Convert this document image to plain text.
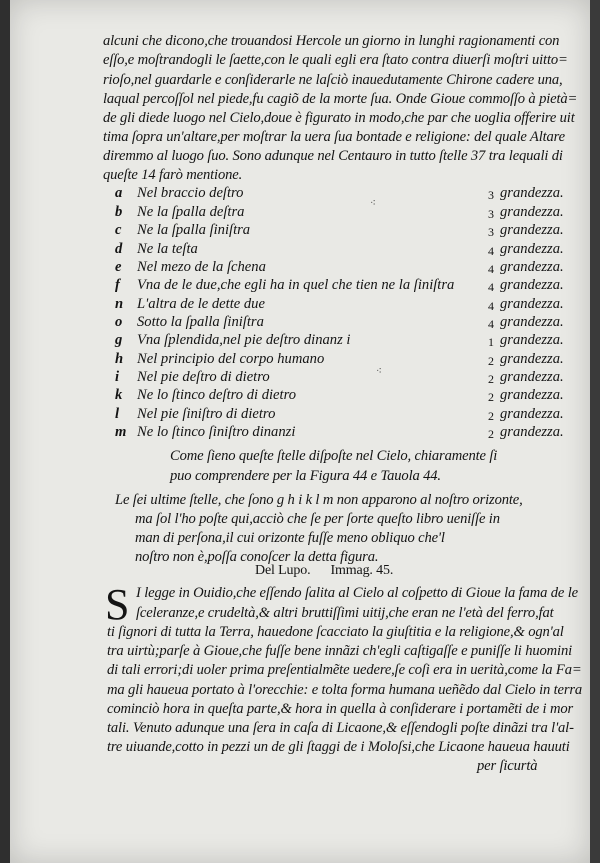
alcuni che dicono,che trouandosi Hercole un giorno in lunghi ragionamenti con
eſſo,e moſtrandogli le ſaette,con le quali egli era ſtato contra diuerſi moſtri uitto=
rioſo,nel guardarle e conſiderarle ne laſciò inauedutamente Chirone cadere una,
laqual percoſſol nel piede,fu cagiõ de la morte ſua. Onde Gioue commoſſo à pietà=
de gli diede luogo nel Cielo,doue è figurato in modo,che par che uoglia offerire uit
tima ſopra un'altare,per moſtrar la uera ſua bontade e religione: del quale Altare
diremmo al luogo ſuo. Sono adunque nel Centauro in tutto ſtelle 37 tra lequali di
queſte 14 farò mentione.
a Nel braccio deſtro	3 grandezza.
b Ne la ſpalla deſtra	3 grandezza.
c Ne la ſpalla ſiniſtra	3 grandezza.
d Ne la teſta	4 grandezza.
e Nel mezo de la ſchena	4 grandezza.
f Vna de le due,che egli ha in quel che tien ne la ſiniſtra	4 grandezza.
n L'altra de le dette due	4 grandezza.
o Sotto la ſpalla ſiniſtra	4 grandezza.
g Vna ſplendida,nel pie deſtro dinanz i	1 grandezza.
h Nel principio del corpo humano	2 grandezza.
i Nel pie deſtro di dietro	2 grandezza.
k Ne lo ſtinco deſtro di dietro	2 grandezza.
l Nel pie ſiniſtro di dietro	2 grandezza.
m Ne lo ſtinco ſiniſtro dinanzi	2 grandezza.
⁖
⁖
Come ſieno queſte ſtelle diſpoſte nel Cielo, chiaramente ſi
puo comprendere per la Figura 44 e Tauola 44.
Le ſei ultime ſtelle, che ſono g h i k l m non apparono al noſtro orizonte,
ma ſol l'ho poſte qui,acciò che ſe per ſorte queſto libro ueniſſe in
man di perſona,il cui orizonte fuſſe meno obliquo che'l
noſtro non è,poſſa conoſcer la detta figura.
Del Lupo.      Immag. 45.
S I legge in Ouidio,che eſſendo ſalita al Cielo al coſpetto di Gioue la fama de le
ſceleranze,e crudeltà,& altri bruttiſſimi uitij,che eran ne l'età del ferro,fat
ti ſignori di tutta la Terra, hauedone ſcacciato la giuſtitia e la religione,& ogn'al
tra uirtù;parſe à Gioue,che fuſſe bene innãzi ch'egli caſtigaſſe e puniſſe li huomini
di tali errori;di uoler prima preſentialmẽte uedere,ſe coſi era in uerità,come la Fa=
ma gli haueua portato à l'orecchie: e tolta forma humana ueñẽdo dal Cielo in terra
cominciò hora in queſta parte,& hora in quella à conſiderare i portamẽti de i mor
tali. Venuto adunque una ſera in caſa di Licaone,& eſſendogli poſte dinãzi tra l'al-
tre uiuande,cotto in pezzi un de gli ſtaggi de i Moloſsi,che Licaone haueua hauuti
per ſicurtà
